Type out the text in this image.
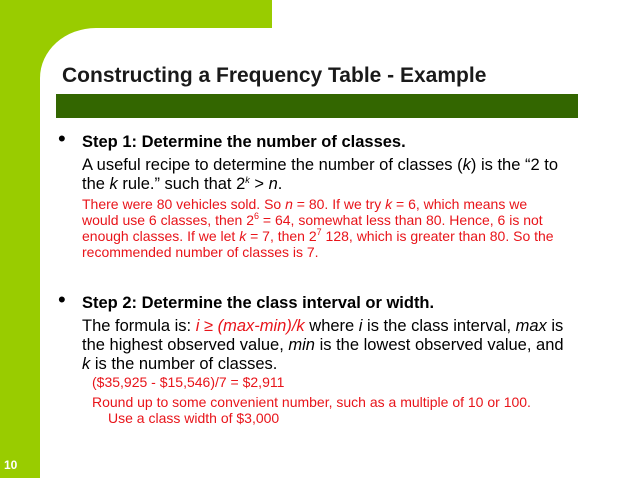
10
Constructing a Frequency Table - Example
• Step 1: Determine the number of classes.

A useful recipe to determine the number of classes (k) is the “2 to the k rule.” such that $2^k > n$.

There were 80 vehicles sold. So n = 80. If we try k = 6, which means we would use 6 classes, then $2^6 = 64$, somewhat less than 80. Hence, 6 is not enough classes. If we let k = 7, then $2^7$ 128, which is greater than 80. So the recommended number of classes is 7.

• Step 2: Determine the class interval or width.

The formula is: i ≥ (max-min)/k where i is the class interval, max is the highest observed value, min is the lowest observed value, and k is the number of classes.

($35,925 - $15,546)/7 = $2,911

Round up to some convenient number, such as a multiple of 10 or 100. Use a class width of $3,000
